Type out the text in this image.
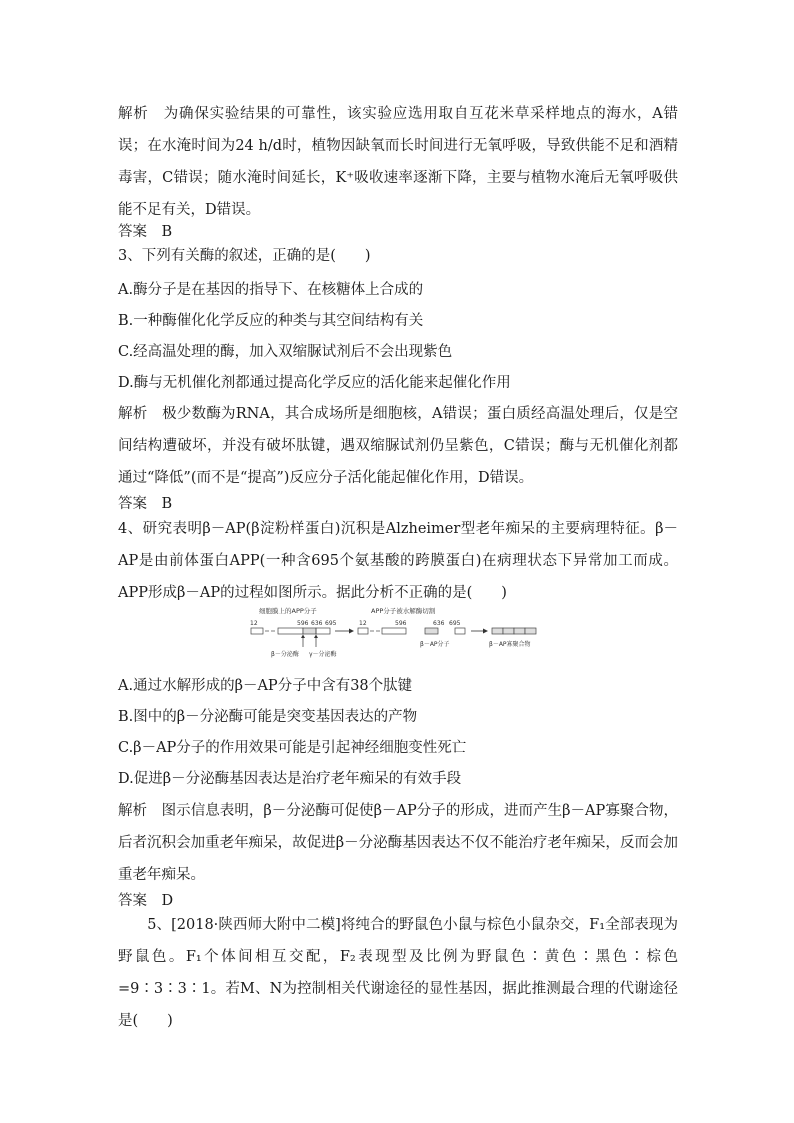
解析　为确保实验结果的可靠性，该实验应选用取自互花米草采样地点的海水，A错误；在水淹时间为24 h/d时，植物因缺氧而长时间进行无氧呼吸，导致供能不足和酒精毒害，C错误；随水淹时间延长，K⁺吸收速率逐渐下降，主要与植物水淹后无氧呼吸供能不足有关，D错误。
答案　B
3、下列有关酶的叙述，正确的是(　　)
A.酶分子是在基因的指导下、在核糖体上合成的
B.一种酶催化化学反应的种类与其空间结构有关
C.经高温处理的酶，加入双缩脲试剂后不会出现紫色
D.酶与无机催化剂都通过提高化学反应的活化能来起催化作用
解析　极少数酶为RNA，其合成场所是细胞核，A错误；蛋白质经高温处理后，仅是空间结构遭破坏，并没有破坏肽键，遇双缩脲试剂仍呈紫色，C错误；酶与无机催化剂都通过“降低”(而不是“提高”)反应分子活化能起催化作用，D错误。
答案　B
4、研究表明β－AP(β淀粉样蛋白)沉积是Alzheimer型老年痴呆的主要病理特征。β－AP是由前体蛋白APP(一种含695个氨基酸的跨膜蛋白)在病理状态下异常加工而成。APP形成β－AP的过程如图所示。据此分析不正确的是(　　)
细胞膜上的APP分子	APP分子被水解酶切割
12	596 636 695	12	596	636 695
β－分泌酶 γ－分泌酶
β－AP分子	β－AP寡聚合物
A.通过水解形成的β－AP分子中含有38个肽键
B.图中的β－分泌酶可能是突变基因表达的产物
C.β－AP分子的作用效果可能是引起神经细胞变性死亡
D.促进β－分泌酶基因表达是治疗老年痴呆的有效手段
解析　图示信息表明，β－分泌酶可促使β－AP分子的形成，进而产生β－AP寡聚合物，后者沉积会加重老年痴呆，故促进β－分泌酶基因表达不仅不能治疗老年痴呆，反而会加重老年痴呆。
答案　D
　　5、[2018·陕西师大附中二模]将纯合的野鼠色小鼠与棕色小鼠杂交，F₁全部表现为野鼠色。F₁个体间相互交配，F₂表现型及比例为野鼠色∶黄色∶黑色∶棕色=9∶3∶3∶1。若M、N为控制相关代谢途径的显性基因，据此推测最合理的代谢途径是(　　)
